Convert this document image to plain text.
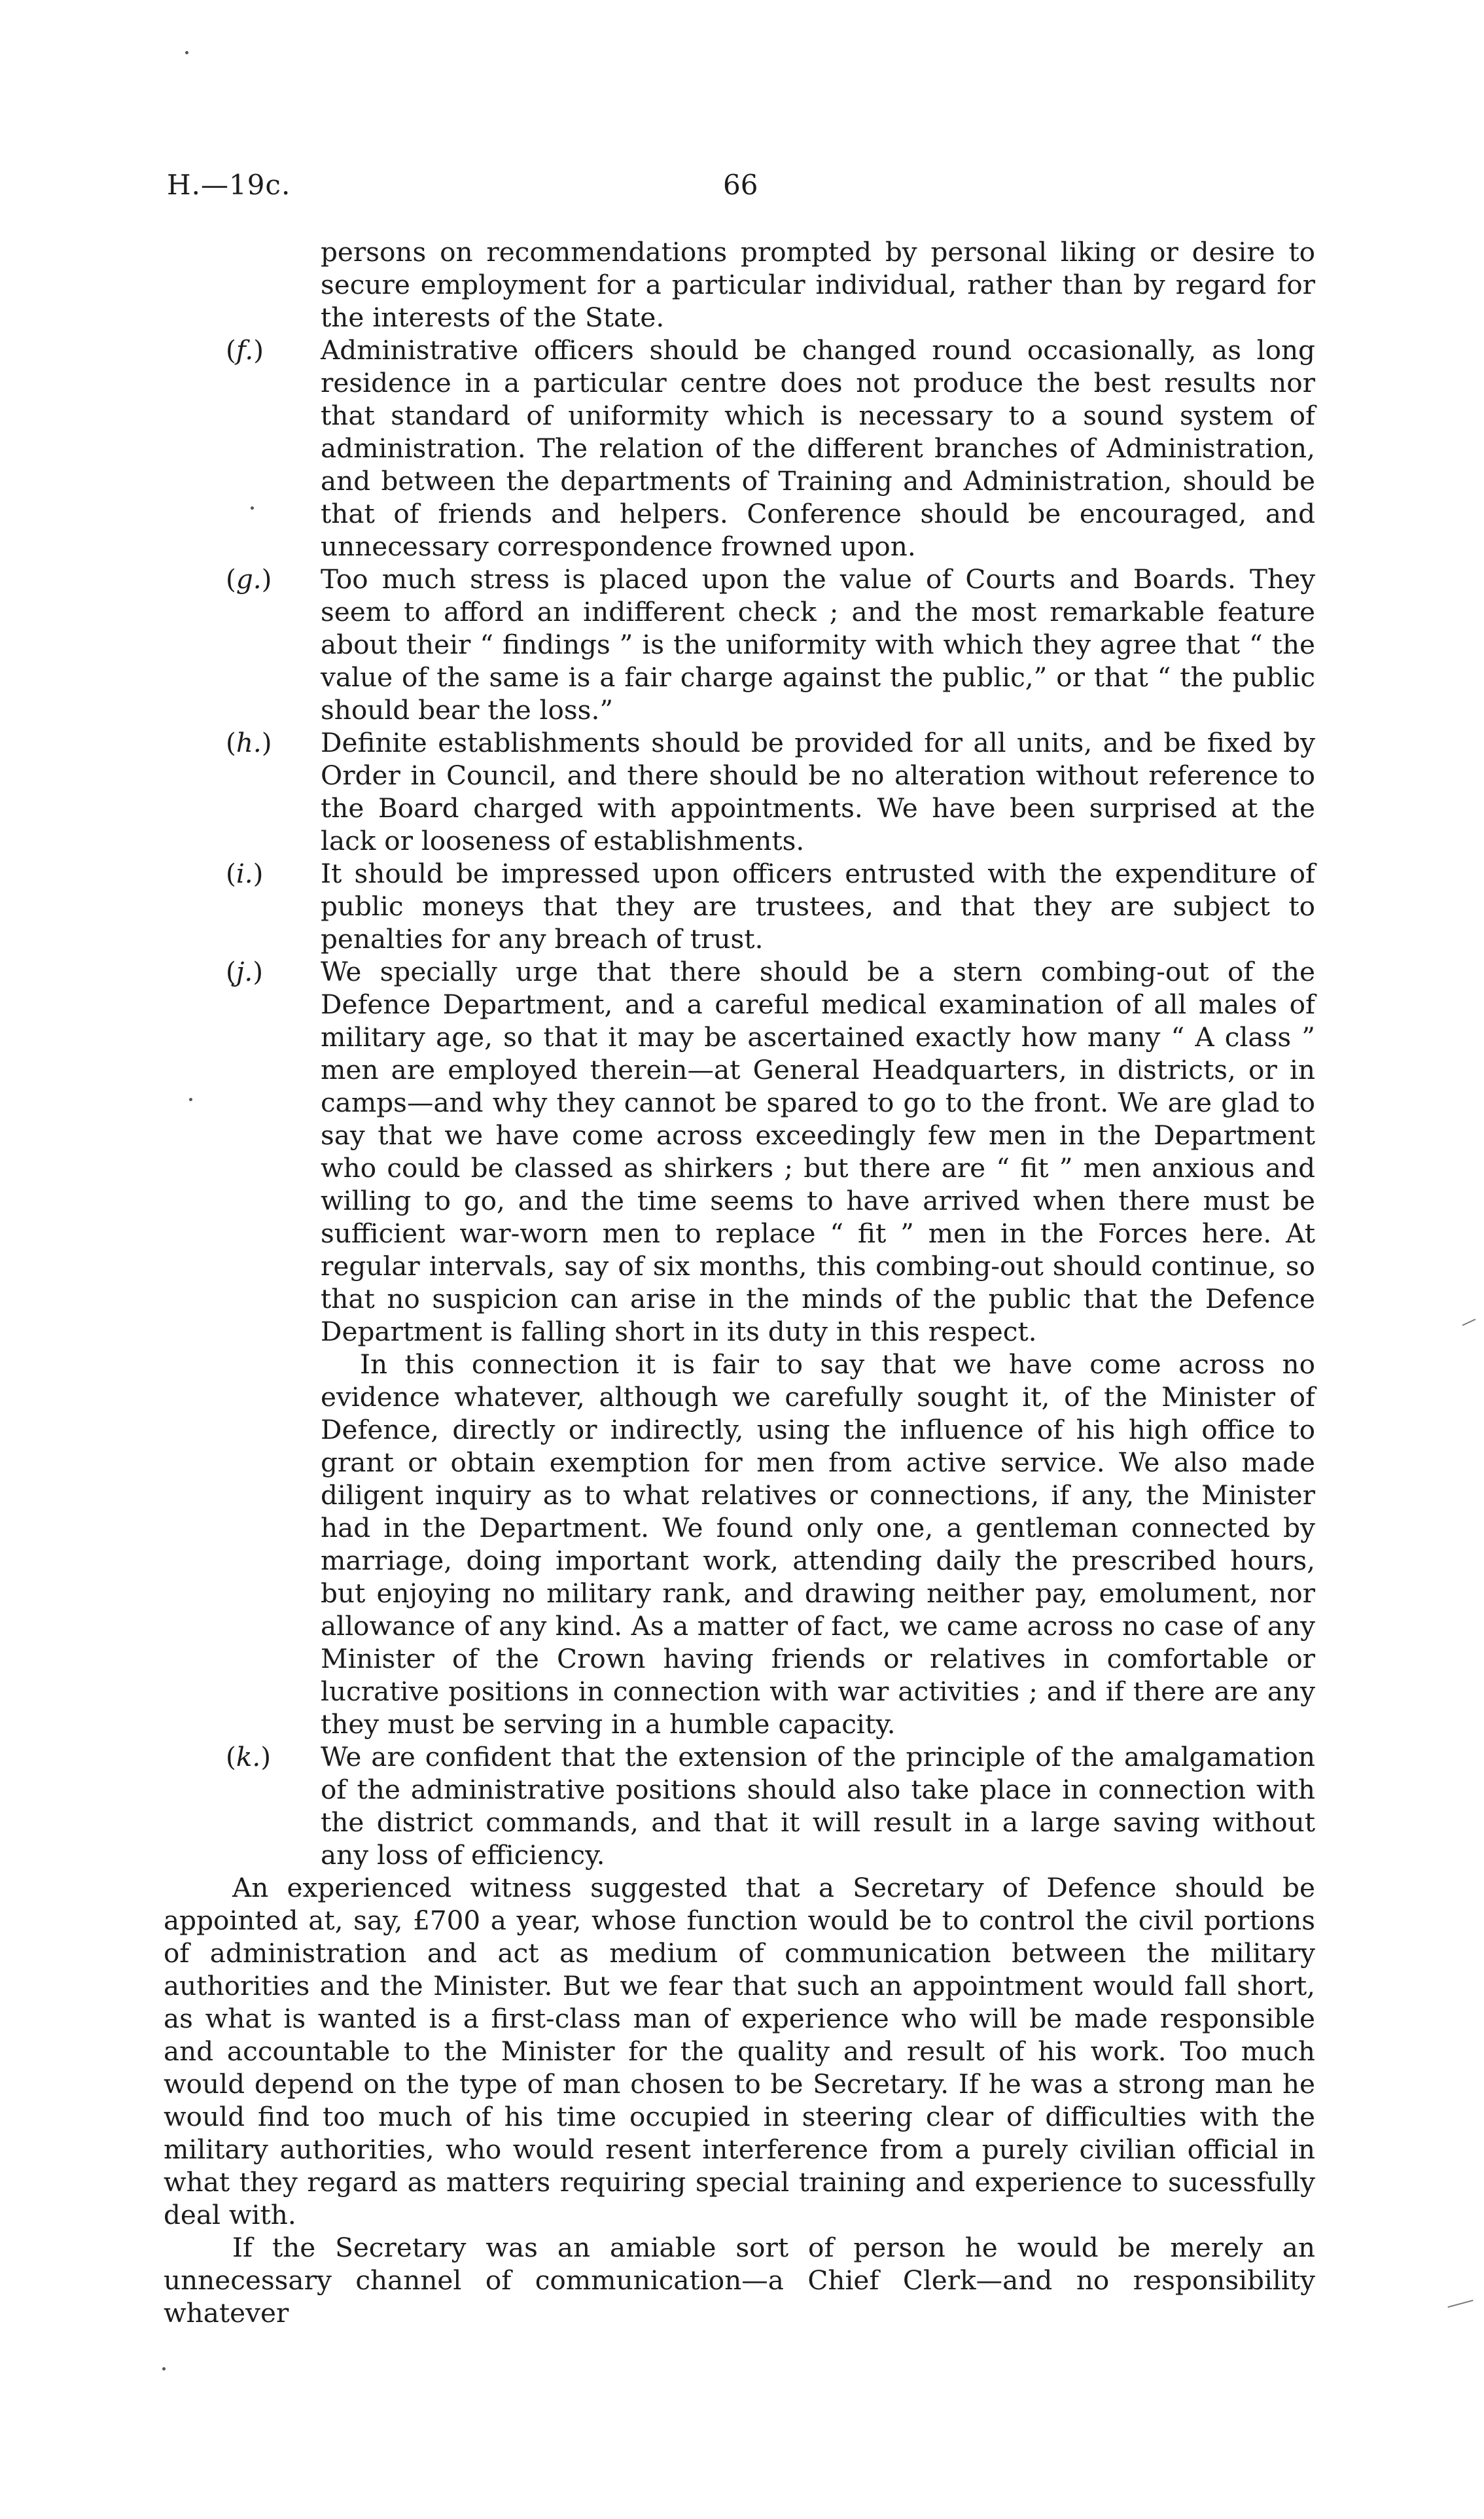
H.—19c.	66

persons on recommendations prompted by personal liking or desire to secure employment for a particular individual, rather than by regard for the interests of the State.

(f.) Administrative officers should be changed round occasionally, as long residence in a particular centre does not produce the best results nor that standard of uniformity which is necessary to a sound system of administration. The relation of the different branches of Administration, and between the departments of Training and Administration, should be that of friends and helpers. Conference should be encouraged, and unnecessary correspondence frowned upon.
(g.) Too much stress is placed upon the value of Courts and Boards. They seem to afford an indifferent check ; and the most remarkable feature about their “ findings ” is the uniformity with which they agree that “ the value of the same is a fair charge against the public,” or that “ the public should bear the loss.”
(h.) Definite establishments should be provided for all units, and be fixed by Order in Council, and there should be no alteration without reference to the Board charged with appointments. We have been surprised at the lack or looseness of establishments.
(i.) It should be impressed upon officers entrusted with the expenditure of public moneys that they are trustees, and that they are subject to penalties for any breach of trust.
(j.) We specially urge that there should be a stern combing-out of the Defence Department, and a careful medical examination of all males of military age, so that it may be ascertained exactly how many “ A class ” men are employed therein—at General Headquarters, in districts, or in camps—and why they cannot be spared to go to the front. We are glad to say that we have come across exceedingly few men in the Department who could be classed as shirkers ; but there are “ fit ” men anxious and willing to go, and the time seems to have arrived when there must be sufficient war-worn men to replace “ fit ” men in the Forces here. At regular intervals, say of six months, this combing-out should continue, so that no suspicion can arise in the minds of the public that the Defence Department is falling short in its duty in this respect.

In this connection it is fair to say that we have come across no evidence whatever, although we carefully sought it, of the Minister of Defence, directly or indirectly, using the influence of his high office to grant or obtain exemption for men from active service. We also made diligent inquiry as to what relatives or connections, if any, the Minister had in the Department. We found only one, a gentleman connected by marriage, doing important work, attending daily the prescribed hours, but enjoying no military rank, and drawing neither pay, emolument, nor allowance of any kind. As a matter of fact, we came across no case of any Minister of the Crown having friends or relatives in comfortable or lucrative positions in connection with war activities ; and if there are any they must be serving in a humble capacity.

(k.) We are confident that the extension of the principle of the amalgamation of the administrative positions should also take place in connection with the district commands, and that it will result in a large saving without any loss of efficiency.

An experienced witness suggested that a Secretary of Defence should be appointed at, say, £700 a year, whose function would be to control the civil portions of administration and act as medium of communication between the military authorities and the Minister. But we fear that such an appointment would fall short, as what is wanted is a first-class man of experience who will be made responsible and accountable to the Minister for the quality and result of his work. Too much would depend on the type of man chosen to be Secretary. If he was a strong man he would find too much of his time occupied in steering clear of difficulties with the military authorities, who would resent interference from a purely civilian official in what they regard as matters requiring special training and experience to sucessfully deal with.

If the Secretary was an amiable sort of person he would be merely an unnecessary channel of communication—a Chief Clerk—and no responsibility whatever
